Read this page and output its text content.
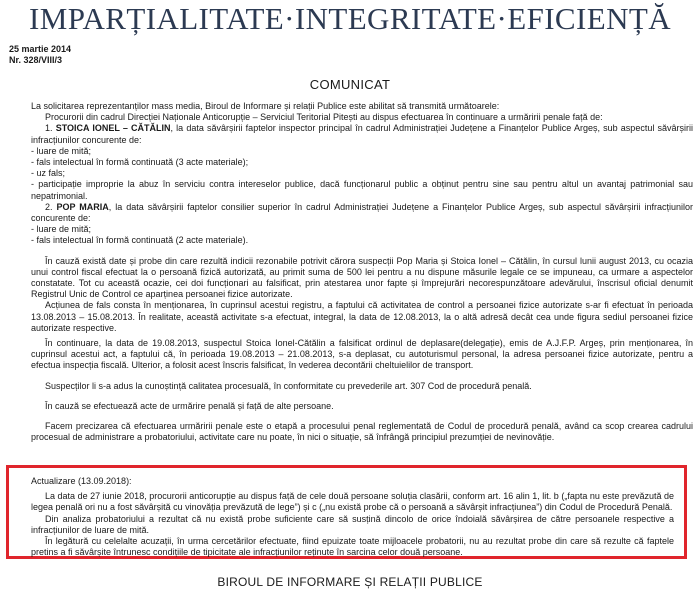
IMPARȚIALITATE·INTEGRITATE·EFICIENȚĂ
25 martie 2014
Nr. 328/VIII/3
COMUNICAT

La solicitarea reprezentanților mass media, Biroul de Informare și relații Publice este abilitat să transmită următoarele:

Procurorii din cadrul Direcției Naționale Anticorupție – Serviciul Teritorial Pitești au dispus efectuarea în continuare a urmăririi penale față de:

1. STOICA IONEL – CĂTĂLIN, la data săvârșirii faptelor inspector principal în cadrul Administrației Județene a Finanțelor Publice Argeș, sub aspectul săvârșirii infracțiunilor concurente de:

- luare de mită;

- fals intelectual în formă continuată (3 acte materiale);

- uz fals;

- participație improprie la abuz în serviciu contra intereselor publice, dacă funcționarul public a obținut pentru sine sau pentru altul un avantaj patrimonial sau nepatrimonial.

2. POP MARIA, la data săvârșirii faptelor consilier superior în cadrul Administrației Județene a Finanțelor Publice Argeș, sub aspectul săvârșirii infracțiunilor concurente de:

- luare de mită;

- fals intelectual în formă continuată (2 acte materiale).

În cauză există date și probe din care rezultă indicii rezonabile potrivit cărora suspecții Pop Maria și Stoica Ionel – Cătălin, în cursul lunii august 2013, cu ocazia unui control fiscal efectuat la o persoană fizică autorizată, au primit suma de 500 lei pentru a nu dispune măsurile legale ce se impuneau, ca urmare a aspectelor constatate. Tot cu această ocazie, cei doi funcționari au falsificat, prin atestarea unor fapte și împrejurări necorespunzătoare adevărului, înscrisul oficial denumit Registrul Unic de Control ce aparținea persoanei fizice autorizate.

Acțiunea de fals consta în menționarea, în cuprinsul acestui registru, a faptului că activitatea de control a persoanei fizice autorizate s-ar fi efectuat în perioada 13.08.2013 – 15.08.2013. În realitate, această activitate s-a efectuat, integral, la data de 12.08.2013, la o altă adresă decât cea unde figura sediul persoanei fizice autorizate respective.

În continuare, la data de 19.08.2013, suspectul Stoica Ionel-Cătălin a falsificat ordinul de deplasare(delegație), emis de A.J.F.P. Argeș, prin menționarea, în cuprinsul acestui act, a faptului că, în perioada 19.08.2013 – 21.08.2013, s-a deplasat, cu autoturismul personal, la adresa persoanei fizice autorizate, pentru a efectua inspecția fiscală. Ulterior, a folosit acest înscris falsificat, în vederea decontării cheltuielilor de transport.

Suspecților li s-a adus la cunoștință calitatea procesuală, în conformitate cu prevederile art. 307 Cod de procedură penală.

În cauză se efectuează acte de urmărire penală și față de alte persoane.

Facem precizarea că efectuarea urmăririi penale este o etapă a procesului penal reglementată de Codul de procedură penală, având ca scop crearea cadrului procesual de administrare a probatoriului, activitate care nu poate, în nici o situație, să înfrângă principiul prezumției de nevinovăție.

Actualizare (13.09.2018):

La data de 27 iunie 2018, procurorii anticorupție au dispus față de cele două persoane soluția clasării, conform art. 16 alin 1, lit. b („fapta nu este prevăzută de legea penală ori nu a fost săvârșită cu vinovăția prevăzută de lege”) și c („nu există probe că o persoană a săvârșit infracțiunea”) din Codul de Procedură Penală.

Din analiza probatoriului a rezultat că nu există probe suficiente care să susțină dincolo de orice îndoială săvârșirea de către persoanele respective a infracțiunilor de luare de mită.

În legătură cu celelalte acuzații, în urma cercetărilor efectuate, fiind epuizate toate mijloacele probatorii, nu au rezultat probe din care să rezulte că faptele pretins a fi săvârșite întrunesc condițiile de tipicitate ale infracțiunilor reținute în sarcina celor două persoane.

BIROUL DE INFORMARE ȘI RELAȚII PUBLICE
